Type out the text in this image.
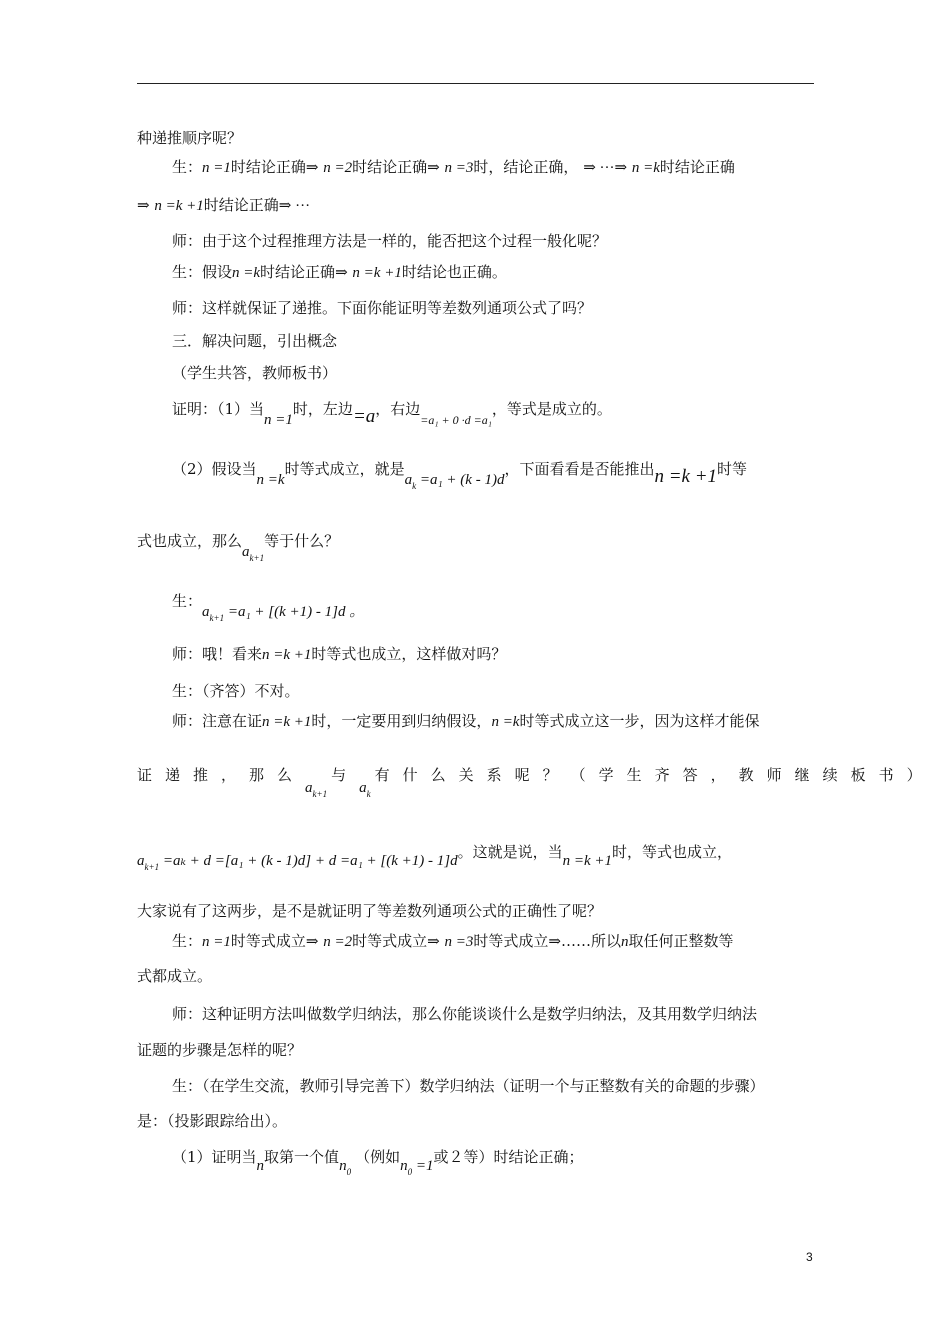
种递推顺序呢？
生：n =1时结论正确⇒ n =2时结论正确⇒ n =3时，结论正确， ⇒ ···⇒ n =k时结论正确
⇒ n =k +1时结论正确⇒ ···
师：由于这个过程推理方法是一样的，能否把这个过程一般化呢？
生：假设n =k时结论正确⇒ n =k +1时结论也正确。
师：这样就保证了递推。下面你能证明等差数列通项公式了吗？
三．解决问题，引出概念
（学生共答，教师板书）
证明：（1）当n =1时，左边=a，右边$_{=a_1 + 0 \cdot d =a_1}$，等式是成立的。
（2）假设当n =k时等式成立，就是$a_k =a_1 + (k - 1)d$，下面看看是否能推出n =k +1时等
式也成立，那么$a_{k+1}$等于什么？
生：$a_{k+1} =a_1 + [(k +1) - 1]d$ 。
师：哦！看来n =k +1时等式也成立，这样做对吗？
生：（齐答）不对。
师：注意在证n =k +1时，一定要用到归纳假设，n =k时等式成立这一步，因为这样才能保
证递推，那么$a_{k+1}$与$a_k$有什么关系呢？（学生齐答，教师继续板书）
$a_{k+1} =a_k + d =[a_1 + (k - 1)d] + d =a_1 + [(k +1) - 1]d$。这就是说，当n =k +1时，等式也成立，
大家说有了这两步，是不是就证明了等差数列通项公式的正确性了呢？
生：n =1时等式成立⇒ n =2时等式成立⇒ n =3时等式成立⇒……所以n取任何正整数等
式都成立。
师：这种证明方法叫做数学归纳法，那么你能谈谈什么是数学归纳法，及其用数学归纳法
证题的步骤是怎样的呢？
生：（在学生交流，教师引导完善下）数学归纳法（证明一个与正整数有关的命题的步骤）
是：（投影跟踪给出）。
（1）证明当n取第一个值$n_0$（例如$n_0 =1$或２等）时结论正确；
3
